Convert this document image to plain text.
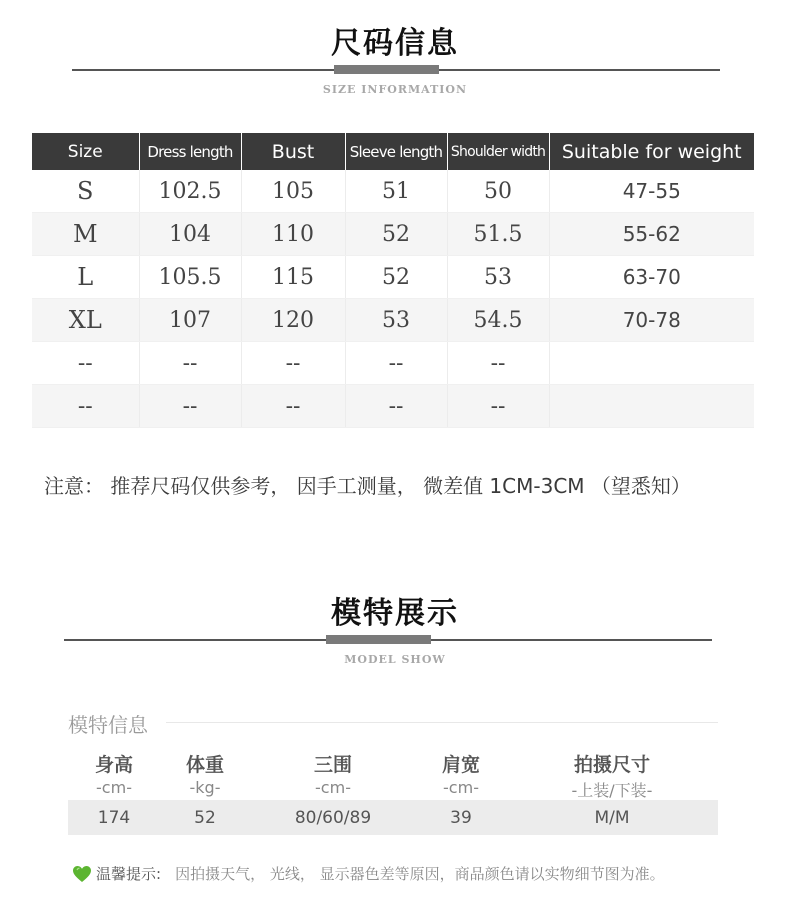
尺码信息
SIZE INFORMATION
Size	Dress length	Bust	Sleeve length	Shoulder width	Suitable for weight
S	102.5	105	51	50	47-55
M	104	110	52	51.5	55-62
L	105.5	115	52	53	63-70
XL	107	120	53	54.5	70-78
--	--	--	--	--	
--	--	--	--	--	
注意： 推荐尺码仅供参考， 因手工测量， 微差值 1CM-3CM （望悉知）
模特展示
MODEL SHOW
模特信息
身高	体重	三围	肩宽	拍摄尺寸
-cm-	-kg-	-cm-	-cm-	-上装/下装-
174	52	80/60/89	39	M/M
温馨提示: 因拍摄天气， 光线， 显示器色差等原因，商品颜色请以实物细节图为准。
